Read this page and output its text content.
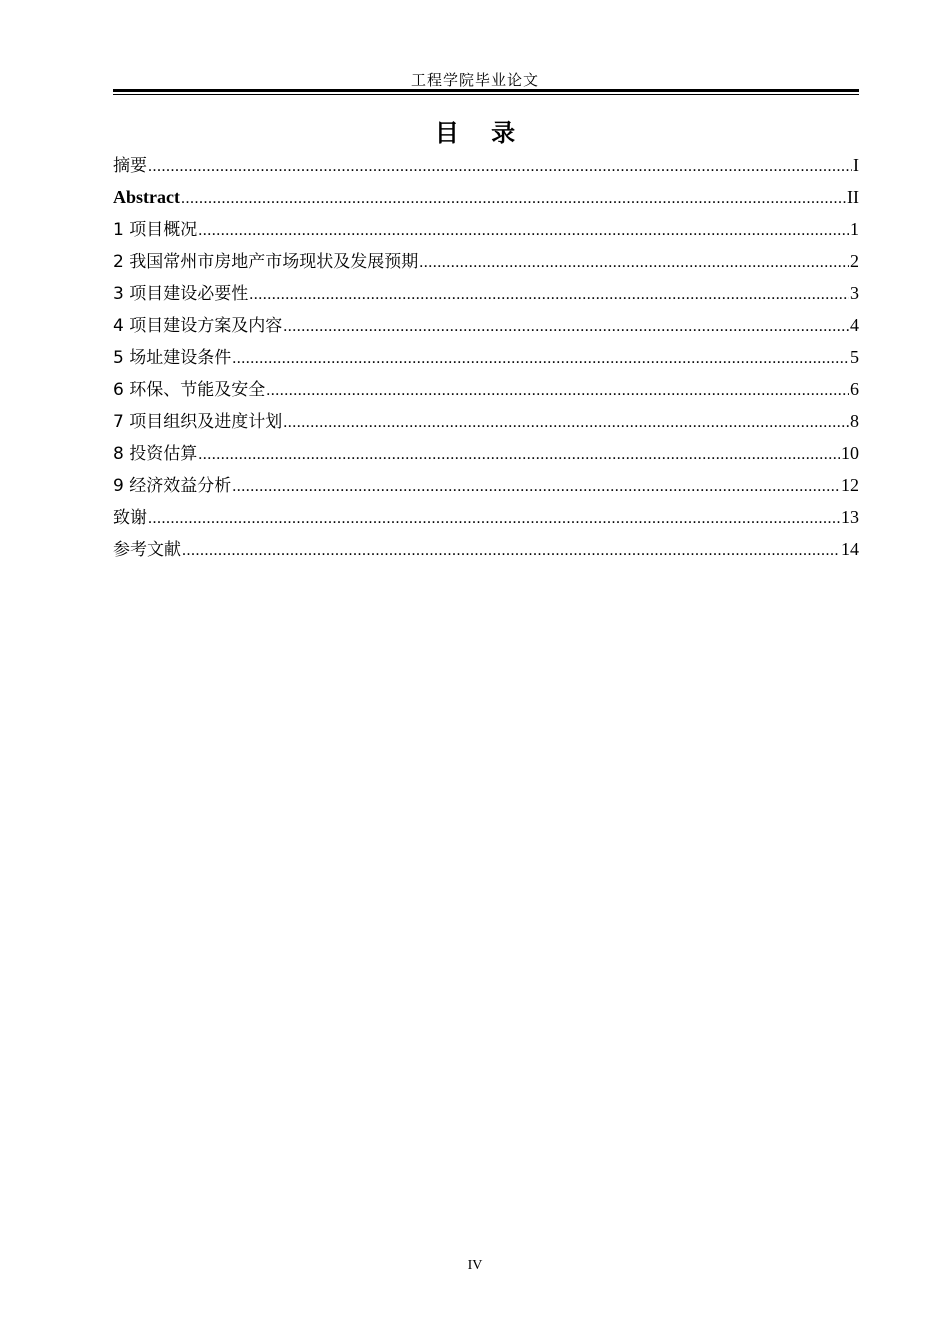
工程学院毕业论文
目 录
摘要 .....	I
Abstract .....	II
1 项目概况 .....	1
2 我国常州市房地产市场现状及发展预期 .....	2
3 项目建设必要性 .....	3
4 项目建设方案及内容 .....	4
5 场址建设条件 .....	5
6 环保、节能及安全 .....	6
7 项目组织及进度计划 .....	8
8 投资估算 .....	10
9 经济效益分析 .....	12
致谢 .....	13
参考文献 .....	14
IV
